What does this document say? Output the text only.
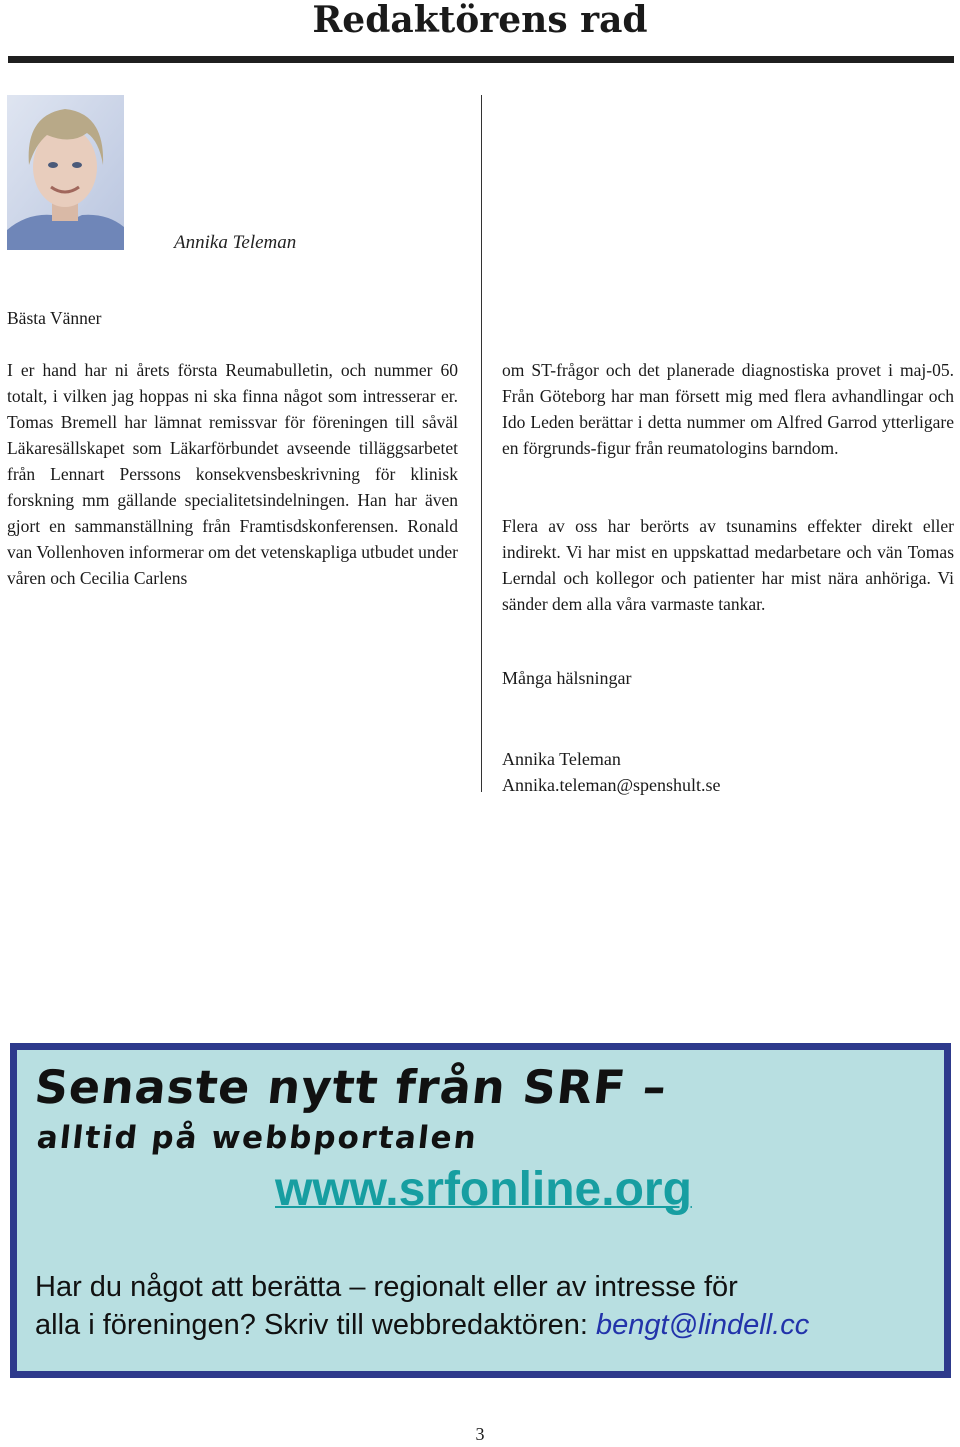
Redaktörens rad
Annika Teleman

Bästa Vänner

I er hand har ni årets första Reumabulletin, och nummer 60 totalt, i vilken jag hoppas ni ska finna något som intresserar er. Tomas Bremell har lämnat remissvar för föreningen till såväl Läkaresällskapet som Läkarförbundet avseende tilläggsarbetet från Lennart Perssons konsekvensbeskrivning för klinisk forskning mm gällande specialitetsindelningen. Han har även gjort en sammanställning från Framtisdskonferensen. Ronald van Vollenhoven informerar om det vetenskapliga utbudet under våren och Cecilia Carlens

om ST-frågor och det planerade diagnostiska provet i maj-05. Från Göteborg har man försett mig med flera avhandlingar och Ido Leden berättar i detta nummer om Alfred Garrod ytterligare en förgrunds-figur från reumatologins barndom.

Flera av oss har berörts av tsunamins effekter direkt eller indirekt. Vi har mist en uppskattad medarbetare och vän Tomas Lerndal och kollegor och patienter har mist nära anhöriga. Vi sänder dem alla våra varmaste tankar.

Många hälsningar
Annika Teleman
Annika.teleman@spenshult.se
Senaste nytt från SRF –
alltid på webbportalen
www.srfonline.org
Har du något att berätta – regionalt eller av intresse för
alla i föreningen? Skriv till webbredaktören: bengt@lindell.cc
3
